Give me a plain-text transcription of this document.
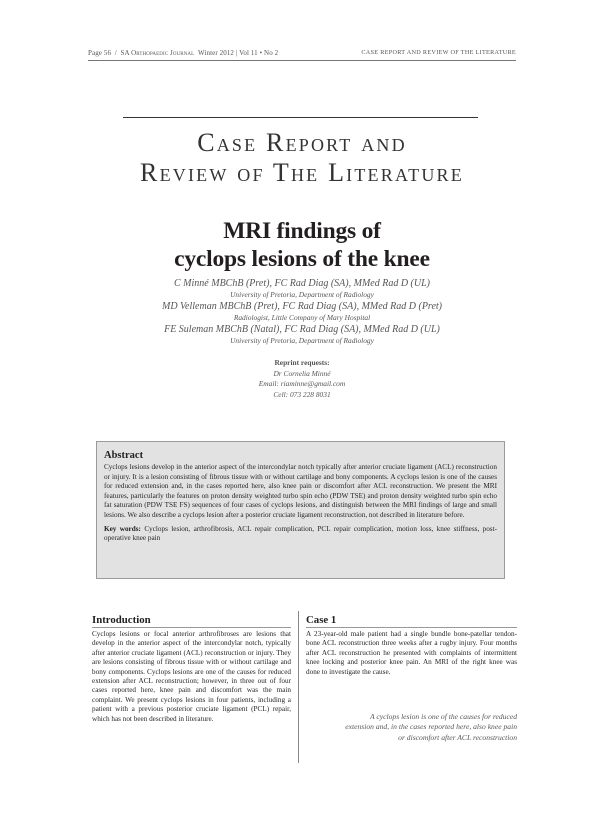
Page 56 / SA Orthopaedic Journal Winter 2012 | Vol 11 • No 2	CASE REPORT AND REVIEW OF THE LITERATURE
Case Report and
Review of The Literature
MRI findings of
cyclops lesions of the knee
C Minné MBChB (Pret), FC Rad Diag (SA), MMed Rad D (UL)
University of Pretoria, Department of Radiology
MD Velleman MBChB (Pret), FC Rad Diag (SA), MMed Rad D (Pret)
Radiologist, Little Company of Mary Hospital
FE Suleman MBChB (Natal), FC Rad Diag (SA), MMed Rad D (UL)
University of Pretoria, Department of Radiology
Reprint requests:
Dr Cornelia Minné
Email: riaminne@gmail.com
Cell: 073 228 8031
Abstract

Cyclops lesions develop in the anterior aspect of the intercondylar notch typically after anterior cruciate ligament (ACL) reconstruction or injury. It is a lesion consisting of fibrous tissue with or without cartilage and bony components. A cyclops lesion is one of the causes for reduced extension and, in the cases reported here, also knee pain or discomfort after ACL reconstruction. We present the MRI features, particularly the features on proton density weighted turbo spin echo (PDW TSE) and proton density weighted turbo spin echo fat saturation (PDW TSE FS) sequences of four cases of cyclops lesions, and distinguish between the MRI findings of large and small lesions. We also describe a cyclops lesion after a posterior cruciate ligament reconstruction, not described in literature before.

Key words: Cyclops lesion, arthrofibrosis, ACL repair complication, PCL repair complication, motion loss, knee stiffness, post-operative knee pain

Introduction

Cyclops lesions or focal anterior arthrofibroses are lesions that develop in the anterior aspect of the intercondylar notch, typically after anterior cruciate ligament (ACL) reconstruction or injury. They are lesions consisting of fibrous tissue with or without cartilage and bony components. Cyclops lesions are one of the causes for reduced extension after ACL reconstruction; however, in three out of four cases reported here, knee pain and discomfort was the main complaint. We present cyclops lesions in four patients, including a patient with a previous posterior cruciate ligament (PCL) repair, which has not been described in literature.

Case 1

A 23-year-old male patient had a single bundle bone-patellar tendon-bone ACL reconstruction three weeks after a rugby injury. Four months after ACL reconstruction he presented with complaints of intermittent knee locking and posterior knee pain. An MRI of the right knee was done to investigate the cause.

A cyclops lesion is one of the causes for reduced
extension and, in the cases reported here, also knee pain
or discomfort after ACL reconstruction
